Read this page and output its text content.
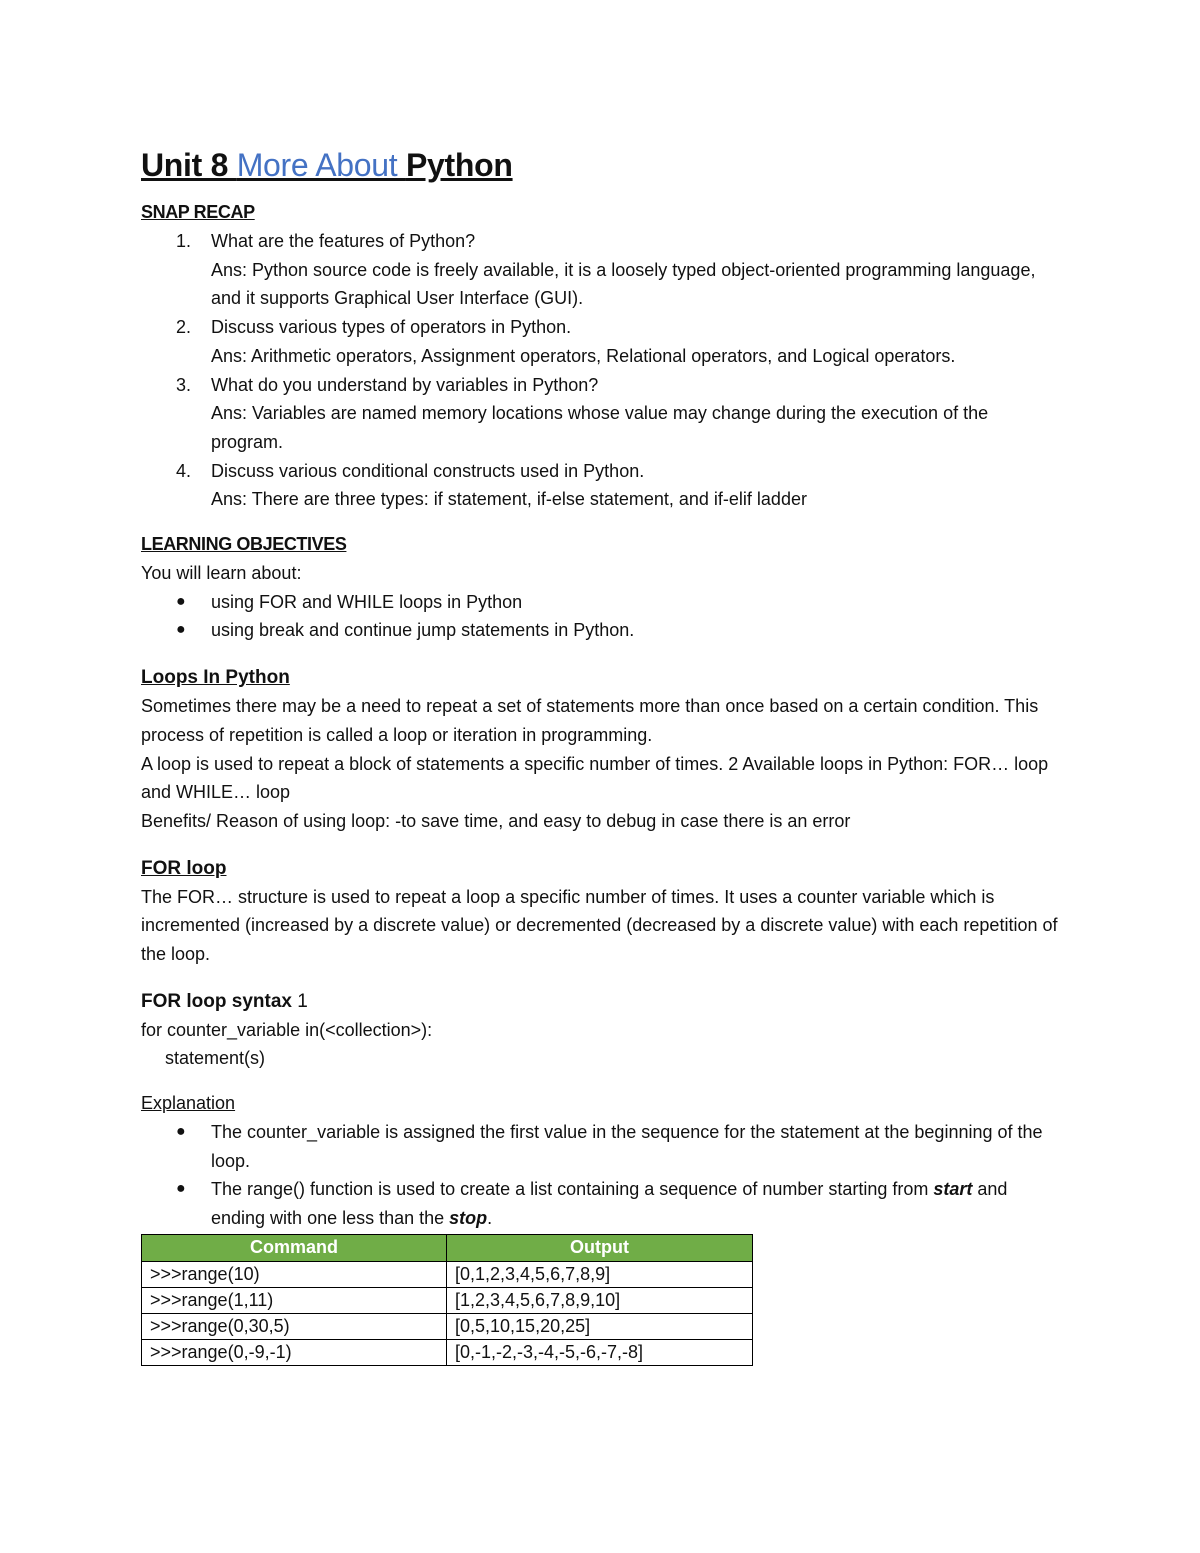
Unit 8 More About Python
SNAP RECAP
1. What are the features of Python?
Ans: Python source code is freely available, it is a loosely typed object-oriented programming language, and it supports Graphical User Interface (GUI).
2. Discuss various types of operators in Python.
Ans: Arithmetic operators, Assignment operators, Relational operators, and Logical operators.
3. What do you understand by variables in Python?
Ans: Variables are named memory locations whose value may change during the execution of the program.
4. Discuss various conditional constructs used in Python.
Ans: There are three types: if statement, if-else statement, and if-elif ladder
LEARNING OBJECTIVES

You will learn about:

● using FOR and WHILE loops in Python
● using break and continue jump statements in Python.
Loops In Python

Sometimes there may be a need to repeat a set of statements more than once based on a certain condition. This process of repetition is called a loop or iteration in programming.

A loop is used to repeat a block of statements a specific number of times. 2 Available loops in Python: FOR… loop and WHILE… loop

Benefits/ Reason of using loop: -to save time, and easy to debug in case there is an error

FOR loop

The FOR… structure is used to repeat a loop a specific number of times. It uses a counter variable which is incremented (increased by a discrete value) or decremented (decreased by a discrete value) with each repetition of the loop.

FOR loop syntax 1

for counter_variable in(<collection>):

statement(s)

Explanation

● The counter_variable is assigned the first value in the sequence for the statement at the beginning of the loop.
● The range() function is used to create a list containing a sequence of number starting from start and ending with one less than the stop.
Command	Output
>>>range(10)	[0,1,2,3,4,5,6,7,8,9]
>>>range(1,11)	[1,2,3,4,5,6,7,8,9,10]
>>>range(0,30,5)	[0,5,10,15,20,25]
>>>range(0,-9,-1)	[0,-1,-2,-3,-4,-5,-6,-7,-8]
